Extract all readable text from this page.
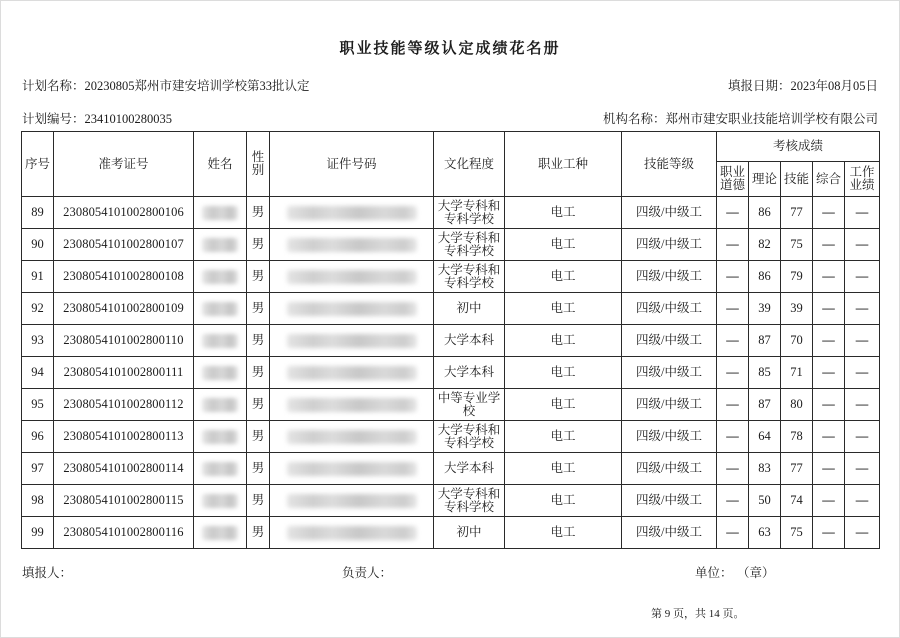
职业技能等级认定成绩花名册
计划名称：20230805郑州市建安培训学校第33批认定	填报日期：2023年08月05日
计划编号：23410100280035	机构名称：郑州市建安职业技能培训学校有限公司
序号	准考证号	姓名	性别	证件号码	文化程度	职业工种	技能等级	考核成绩				
								职业道德	理论	技能	综合	工作业绩
89	2308054101002800106		男		大学专科和专科学校	电工	四级/中级工	—	86	77	—	—
90	2308054101002800107		男		大学专科和专科学校	电工	四级/中级工	—	82	75	—	—
91	2308054101002800108		男		大学专科和专科学校	电工	四级/中级工	—	86	79	—	—
92	2308054101002800109		男		初中	电工	四级/中级工	—	39	39	—	—
93	2308054101002800110		男		大学本科	电工	四级/中级工	—	87	70	—	—
94	2308054101002800111		男		大学本科	电工	四级/中级工	—	85	71	—	—
95	2308054101002800112		男		中等专业学校	电工	四级/中级工	—	87	80	—	—
96	2308054101002800113		男		大学专科和专科学校	电工	四级/中级工	—	64	78	—	—
97	2308054101002800114		男		大学本科	电工	四级/中级工	—	83	77	—	—
98	2308054101002800115		男		大学专科和专科学校	电工	四级/中级工	—	50	74	—	—
99	2308054101002800116		男		初中	电工	四级/中级工	—	63	75	—	—
填报人：	负责人：	单位： （章）
第 9 页，共 14 页。
